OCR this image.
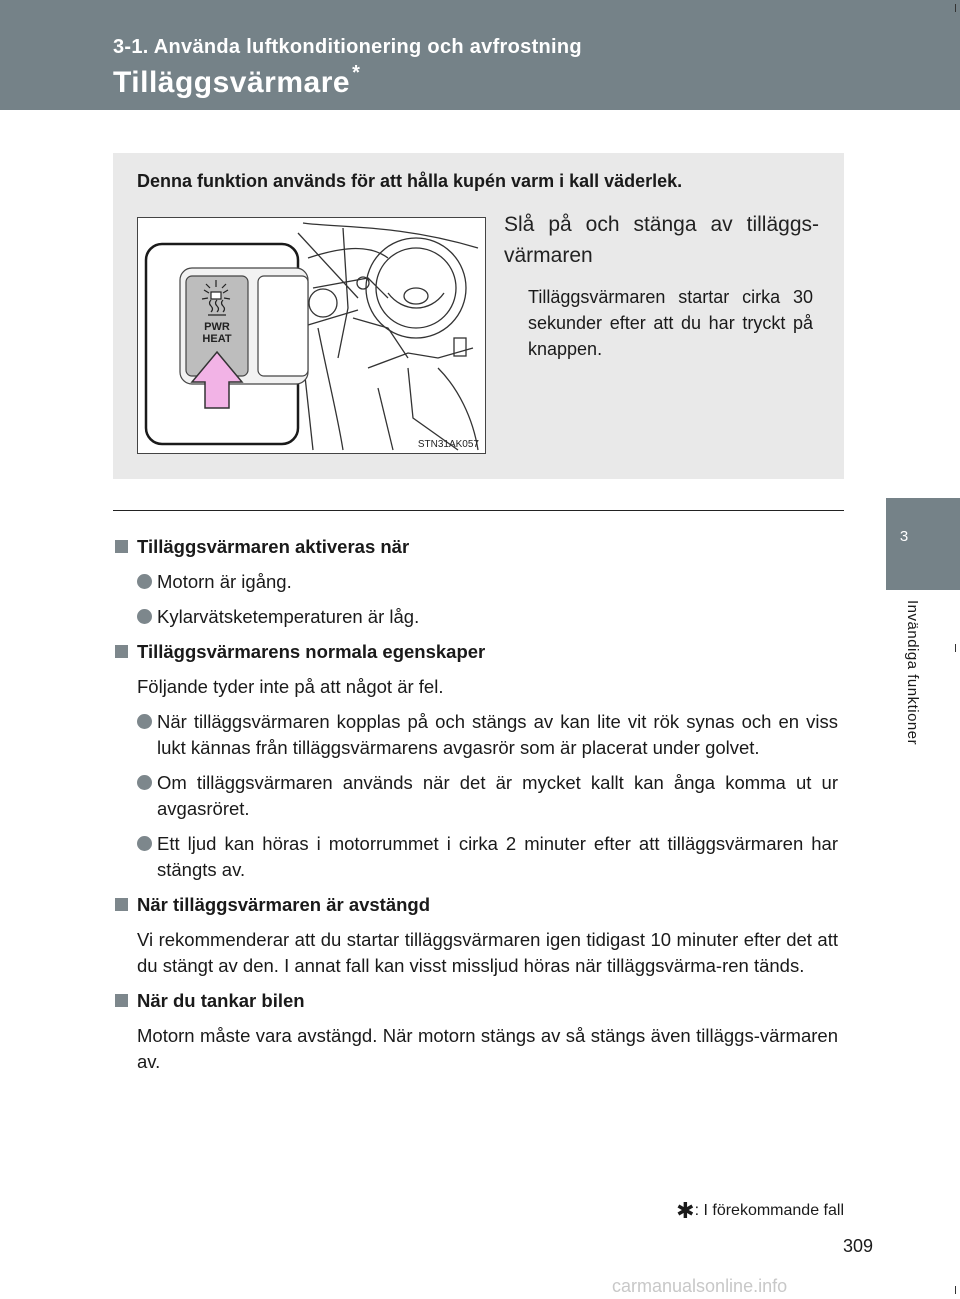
3-1. Använda luftkonditionering och avfrostning
Tilläggsvärmare *
3
Invändiga funktioner
Denna funktion används för att hålla kupén varm i kall väderlek.
PWR
HEAT
STN31AK057
Slå på och stänga av tilläggs-värmaren
Tilläggsvärmaren startar cirka 30 sekunder efter att du har tryckt på knappen.
Tilläggsvärmaren aktiveras när
Motorn är igång.
Kylarvätsketemperaturen är låg.
Tilläggsvärmarens normala egenskaper
Följande tyder inte på att något är fel.
När tilläggsvärmaren kopplas på och stängs av kan lite vit rök synas och en viss lukt kännas från tilläggsvärmarens avgasrör som är placerat under golvet.
Om tilläggsvärmaren används när det är mycket kallt kan ånga komma ut ur avgasröret.
Ett ljud kan höras i motorrummet i cirka 2 minuter efter att tilläggsvärmaren har stängts av.
När tilläggsvärmaren är avstängd
Vi rekommenderar att du startar tilläggsvärmaren igen tidigast 10 minuter efter det att du stängt av den. I annat fall kan visst missljud höras när tilläggsvärma-ren tänds.
När du tankar bilen
Motorn måste vara avstängd. När motorn stängs av så stängs även tilläggs-värmaren av.
✱: I förekommande fall
309
carmanualsonline.info
